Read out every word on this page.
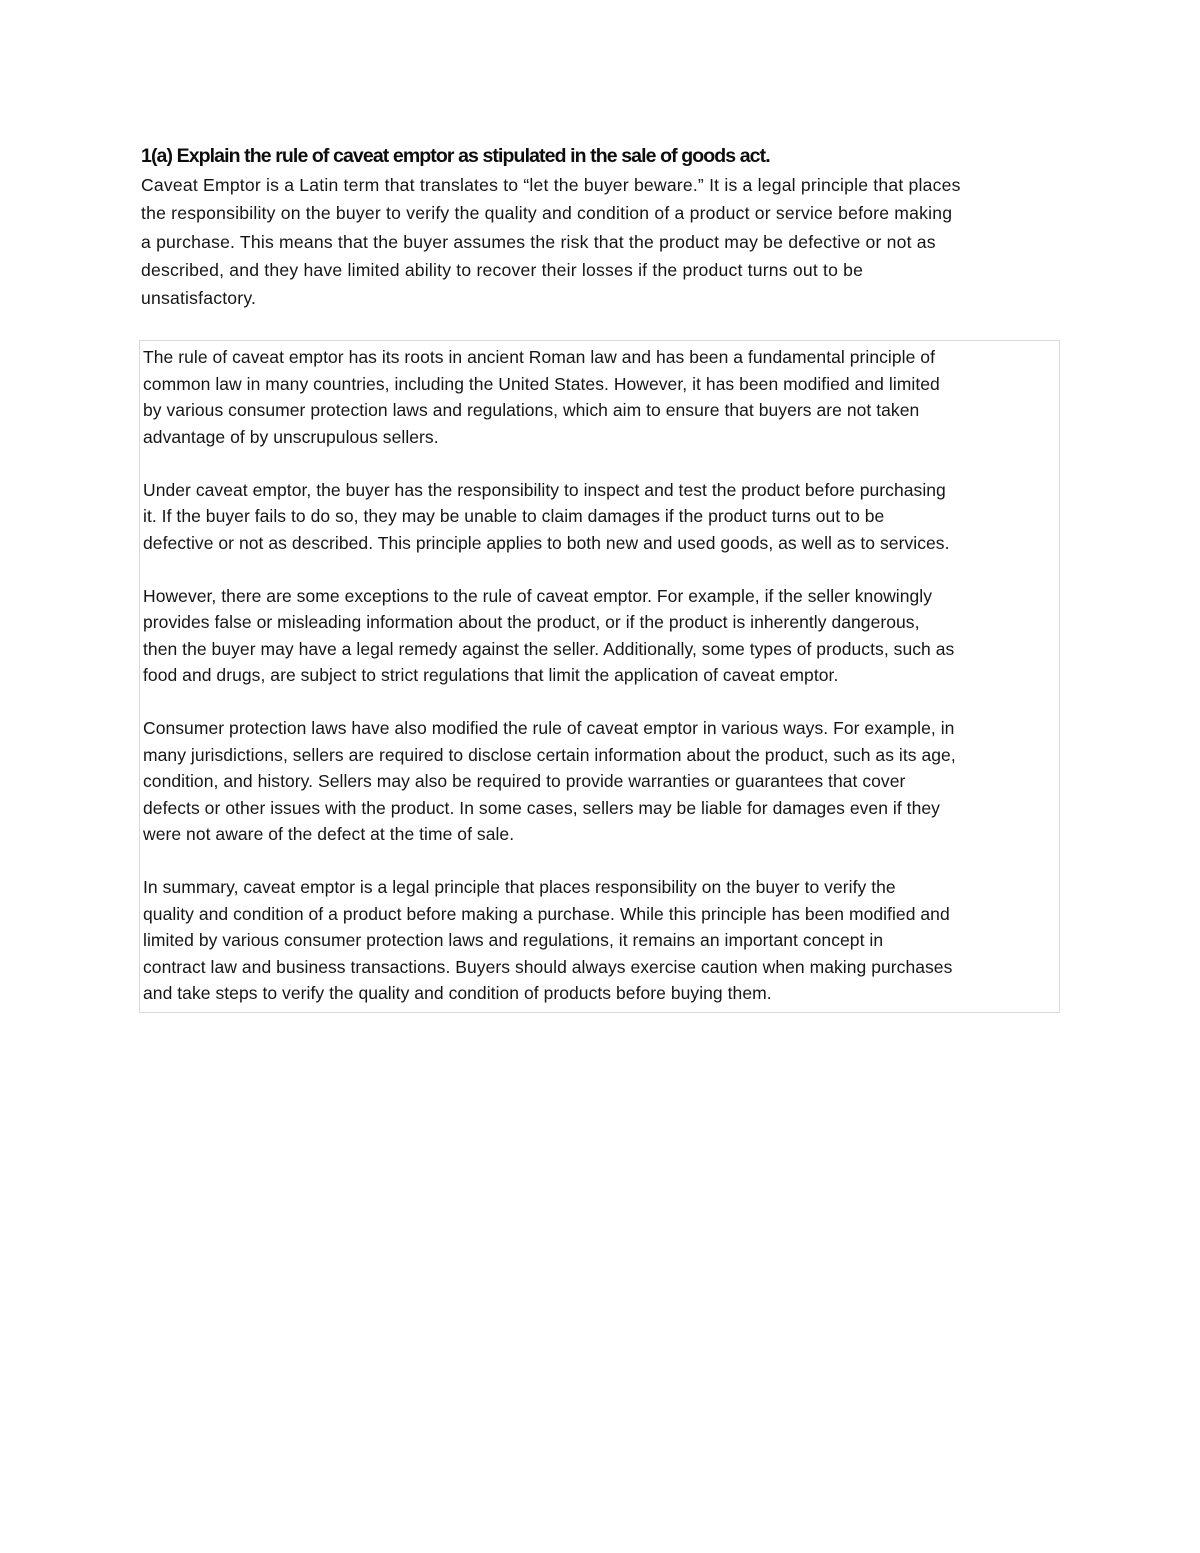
1(a) Explain the rule of caveat emptor as stipulated in the sale of goods act.

Caveat Emptor is a Latin term that translates to “let the buyer beware.” It is a legal principle that places
the responsibility on the buyer to verify the quality and condition of a product or service before making
a purchase. This means that the buyer assumes the risk that the product may be defective or not as
described, and they have limited ability to recover their losses if the product turns out to be
unsatisfactory.

The rule of caveat emptor has its roots in ancient Roman law and has been a fundamental principle of
common law in many countries, including the United States. However, it has been modified and limited
by various consumer protection laws and regulations, which aim to ensure that buyers are not taken
advantage of by unscrupulous sellers.

Under caveat emptor, the buyer has the responsibility to inspect and test the product before purchasing
it. If the buyer fails to do so, they may be unable to claim damages if the product turns out to be
defective or not as described. This principle applies to both new and used goods, as well as to services.

However, there are some exceptions to the rule of caveat emptor. For example, if the seller knowingly
provides false or misleading information about the product, or if the product is inherently dangerous,
then the buyer may have a legal remedy against the seller. Additionally, some types of products, such as
food and drugs, are subject to strict regulations that limit the application of caveat emptor.

Consumer protection laws have also modified the rule of caveat emptor in various ways. For example, in
many jurisdictions, sellers are required to disclose certain information about the product, such as its age,
condition, and history. Sellers may also be required to provide warranties or guarantees that cover
defects or other issues with the product. In some cases, sellers may be liable for damages even if they
were not aware of the defect at the time of sale.

In summary, caveat emptor is a legal principle that places responsibility on the buyer to verify the
quality and condition of a product before making a purchase. While this principle has been modified and
limited by various consumer protection laws and regulations, it remains an important concept in
contract law and business transactions. Buyers should always exercise caution when making purchases
and take steps to verify the quality and condition of products before buying them.
